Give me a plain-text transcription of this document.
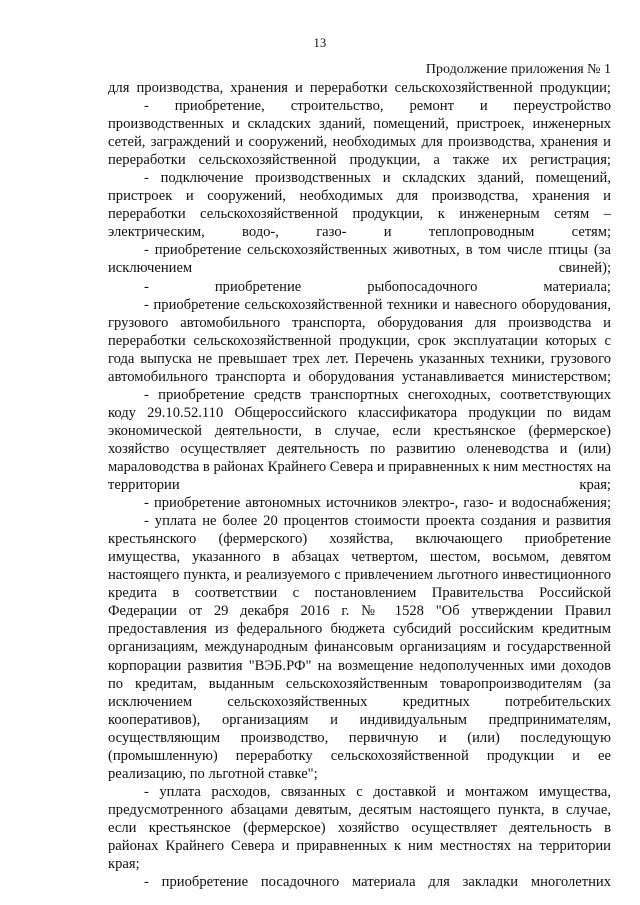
13
Продолжение приложения № 1

для производства, хранения и переработки сельскохозяйственной продукции;

- приобретение, строительство, ремонт и переустройство производственных и складских зданий, помещений, пристроек, инженерных сетей, заграждений и сооружений, необходимых для производства, хранения и переработки сельскохозяйственной продукции, а также их регистрация;

- подключение производственных и складских зданий, помещений, пристроек и сооружений, необходимых для производства, хранения и переработки сельскохозяйственной продукции, к инженерным сетям – электрическим, водо-, газо- и теплопроводным сетям;

- приобретение сельскохозяйственных животных, в том числе птицы (за исключением свиней);

- приобретение рыбопосадочного материала;

- приобретение сельскохозяйственной техники и навесного оборудования, грузового автомобильного транспорта, оборудования для производства и переработки сельскохозяйственной продукции, срок эксплуатации которых с года выпуска не превышает трех лет. Перечень указанных техники, грузового автомобильного транспорта и оборудования устанавливается министерством;

- приобретение средств транспортных снегоходных, соответствующих коду 29.10.52.110 Общероссийского классификатора продукции по видам экономической деятельности, в случае, если крестьянское (фермерское) хозяйство осуществляет деятельность по развитию оленеводства и (или) мараловодства в районах Крайнего Севера и приравненных к ним местностях на территории края;

- приобретение автономных источников электро-, газо- и водоснабжения;

- уплата не более 20 процентов стоимости проекта создания и развития крестьянского (фермерского) хозяйства, включающего приобретение имущества, указанного в абзацах четвертом, шестом, восьмом, девятом настоящего пункта, и реализуемого с привлечением льготного инвестиционного кредита в соответствии с постановлением Правительства Российской Федерации от 29 декабря 2016 г. № 1528 "Об утверждении Правил предоставления из федерального бюджета субсидий российским кредитным организациям, международным финансовым организациям и государственной корпорации развития "ВЭБ.РФ" на возмещение недополученных ими доходов по кредитам, выданным сельскохозяйственным товаропроизводителям (за исключением сельскохозяйственных кредитных потребительских кооперативов), организациям и индивидуальным предпринимателям, осуществляющим производство, первичную и (или) последующую (промышленную) переработку сельскохозяйственной продукции и ее реализацию, по льготной ставке";

- уплата расходов, связанных с доставкой и монтажом имущества, предусмотренного абзацами девятым, десятым настоящего пункта, в случае, если крестьянское (фермерское) хозяйство осуществляет деятельность в районах Крайнего Севера и приравненных к ним местностях на территории края;

- приобретение посадочного материала для закладки многолетних
